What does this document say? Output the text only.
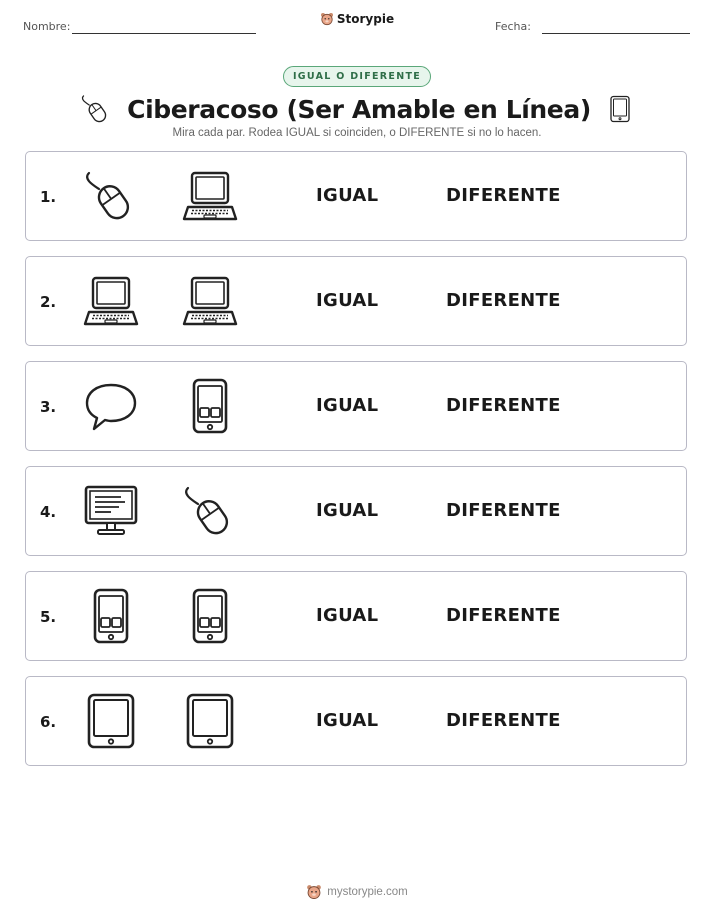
Nombre:
Storypie
Fecha:
IGUAL O DIFERENTE
Ciberacoso (Ser Amable en Línea)
Mira cada par. Rodea IGUAL si coinciden, o DIFERENTE si no lo hacen.
1.	IGUAL	DIFERENTE
2.	IGUAL	DIFERENTE
3.	IGUAL	DIFERENTE
4.	IGUAL	DIFERENTE
5.	IGUAL	DIFERENTE
6.	IGUAL	DIFERENTE
mystorypie.com
